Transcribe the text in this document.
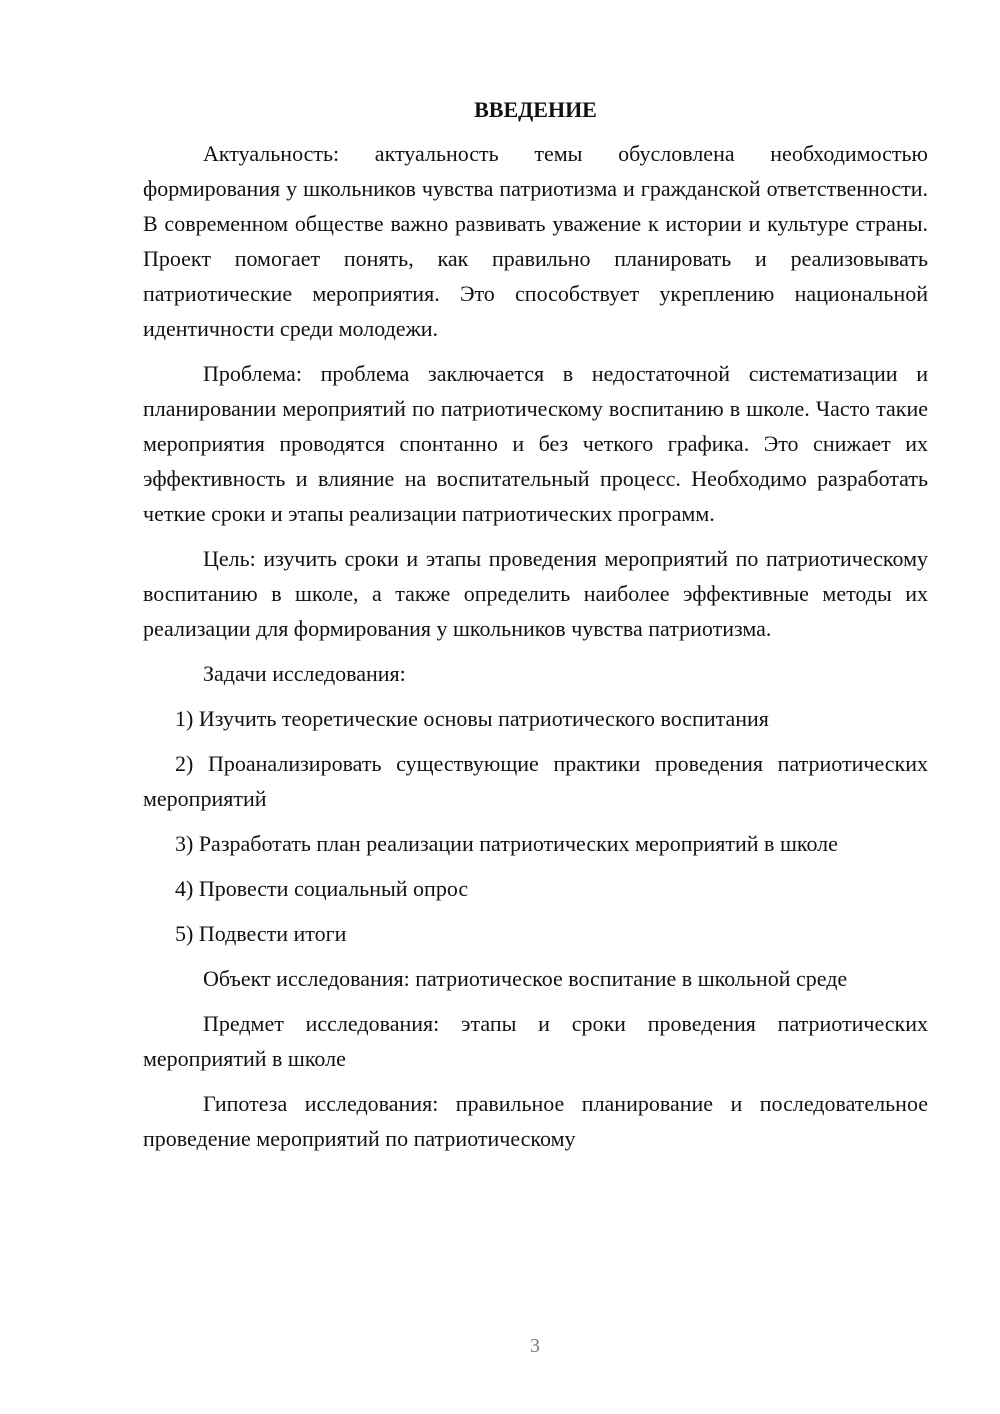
ВВЕДЕНИЕ

Актуальность: актуальность темы обусловлена необходимостью формирования у школьников чувства патриотизма и гражданской ответственности. В современном обществе важно развивать уважение к истории и культуре страны. Проект помогает понять, как правильно планировать и реализовывать патриотические мероприятия. Это способствует укреплению национальной идентичности среди молодежи.

Проблема: проблема заключается в недостаточной систематизации и планировании мероприятий по патриотическому воспитанию в школе. Часто такие мероприятия проводятся спонтанно и без четкого графика. Это снижает их эффективность и влияние на воспитательный процесс. Необходимо разработать четкие сроки и этапы реализации патриотических программ.

Цель: изучить сроки и этапы проведения мероприятий по патриотическому воспитанию в школе, а также определить наиболее эффективные методы их реализации для формирования у школьников чувства патриотизма.

Задачи исследования:

1) Изучить теоретические основы патриотического воспитания

2) Проанализировать существующие практики проведения патриотических мероприятий

3) Разработать план реализации патриотических мероприятий в школе

4) Провести социальный опрос

5) Подвести итоги

Объект исследования: патриотическое воспитание в школьной среде

Предмет исследования: этапы и сроки проведения патриотических мероприятий в школе

Гипотеза исследования: правильное планирование и последовательное проведение мероприятий по патриотическому

3
